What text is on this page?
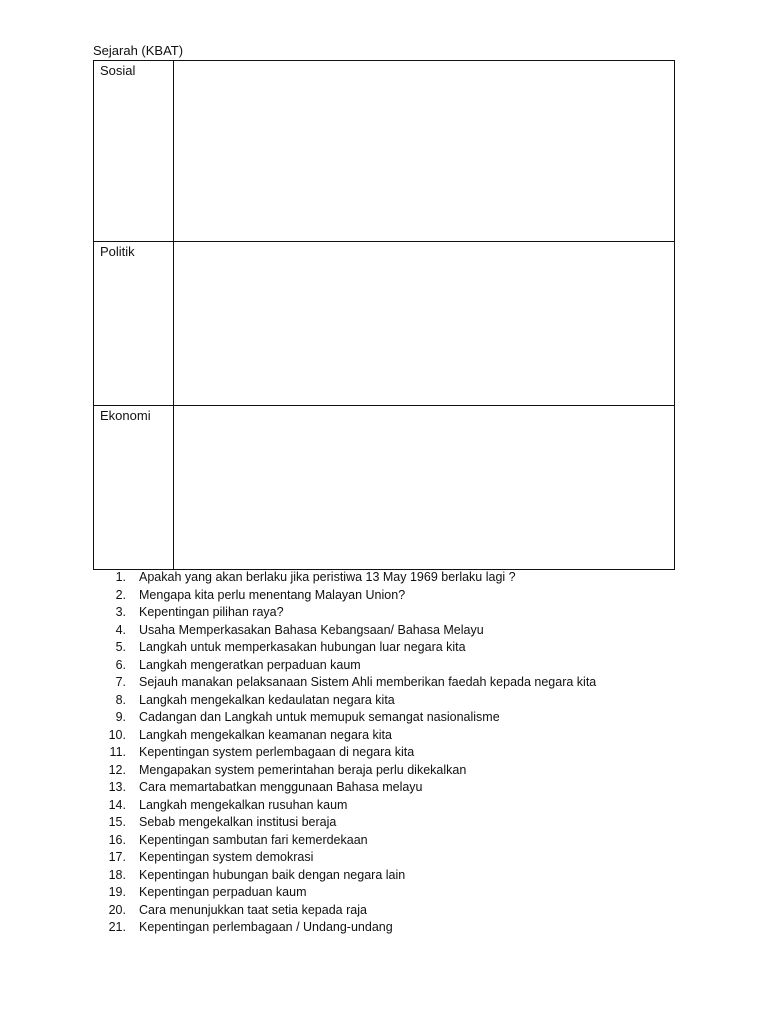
Sejarah (KBAT)
Sosial	

Politik	

Ekonomi	

1. Apakah yang akan berlaku jika peristiwa 13 May 1969 berlaku lagi ?
2. Mengapa kita perlu menentang Malayan Union?
3. Kepentingan pilihan raya?
4. Usaha Memperkasakan Bahasa Kebangsaan/ Bahasa Melayu
5. Langkah untuk memperkasakan hubungan luar negara kita
6. Langkah mengeratkan perpaduan kaum
7. Sejauh manakan pelaksanaan Sistem Ahli memberikan faedah kepada negara kita
8. Langkah mengekalkan kedaulatan negara kita
9. Cadangan dan Langkah untuk memupuk semangat nasionalisme
10. Langkah mengekalkan keamanan negara kita
11. Kepentingan system perlembagaan di negara kita
12. Mengapakan system pemerintahan beraja perlu dikekalkan
13. Cara memartabatkan menggunaan Bahasa melayu
14. Langkah mengekalkan rusuhan kaum
15. Sebab mengekalkan institusi beraja
16. Kepentingan sambutan fari kemerdekaan
17. Kepentingan system demokrasi
18. Kepentingan hubungan baik dengan negara lain
19. Kepentingan perpaduan kaum
20. Cara menunjukkan taat setia kepada raja
21. Kepentingan perlembagaan / Undang-undang
